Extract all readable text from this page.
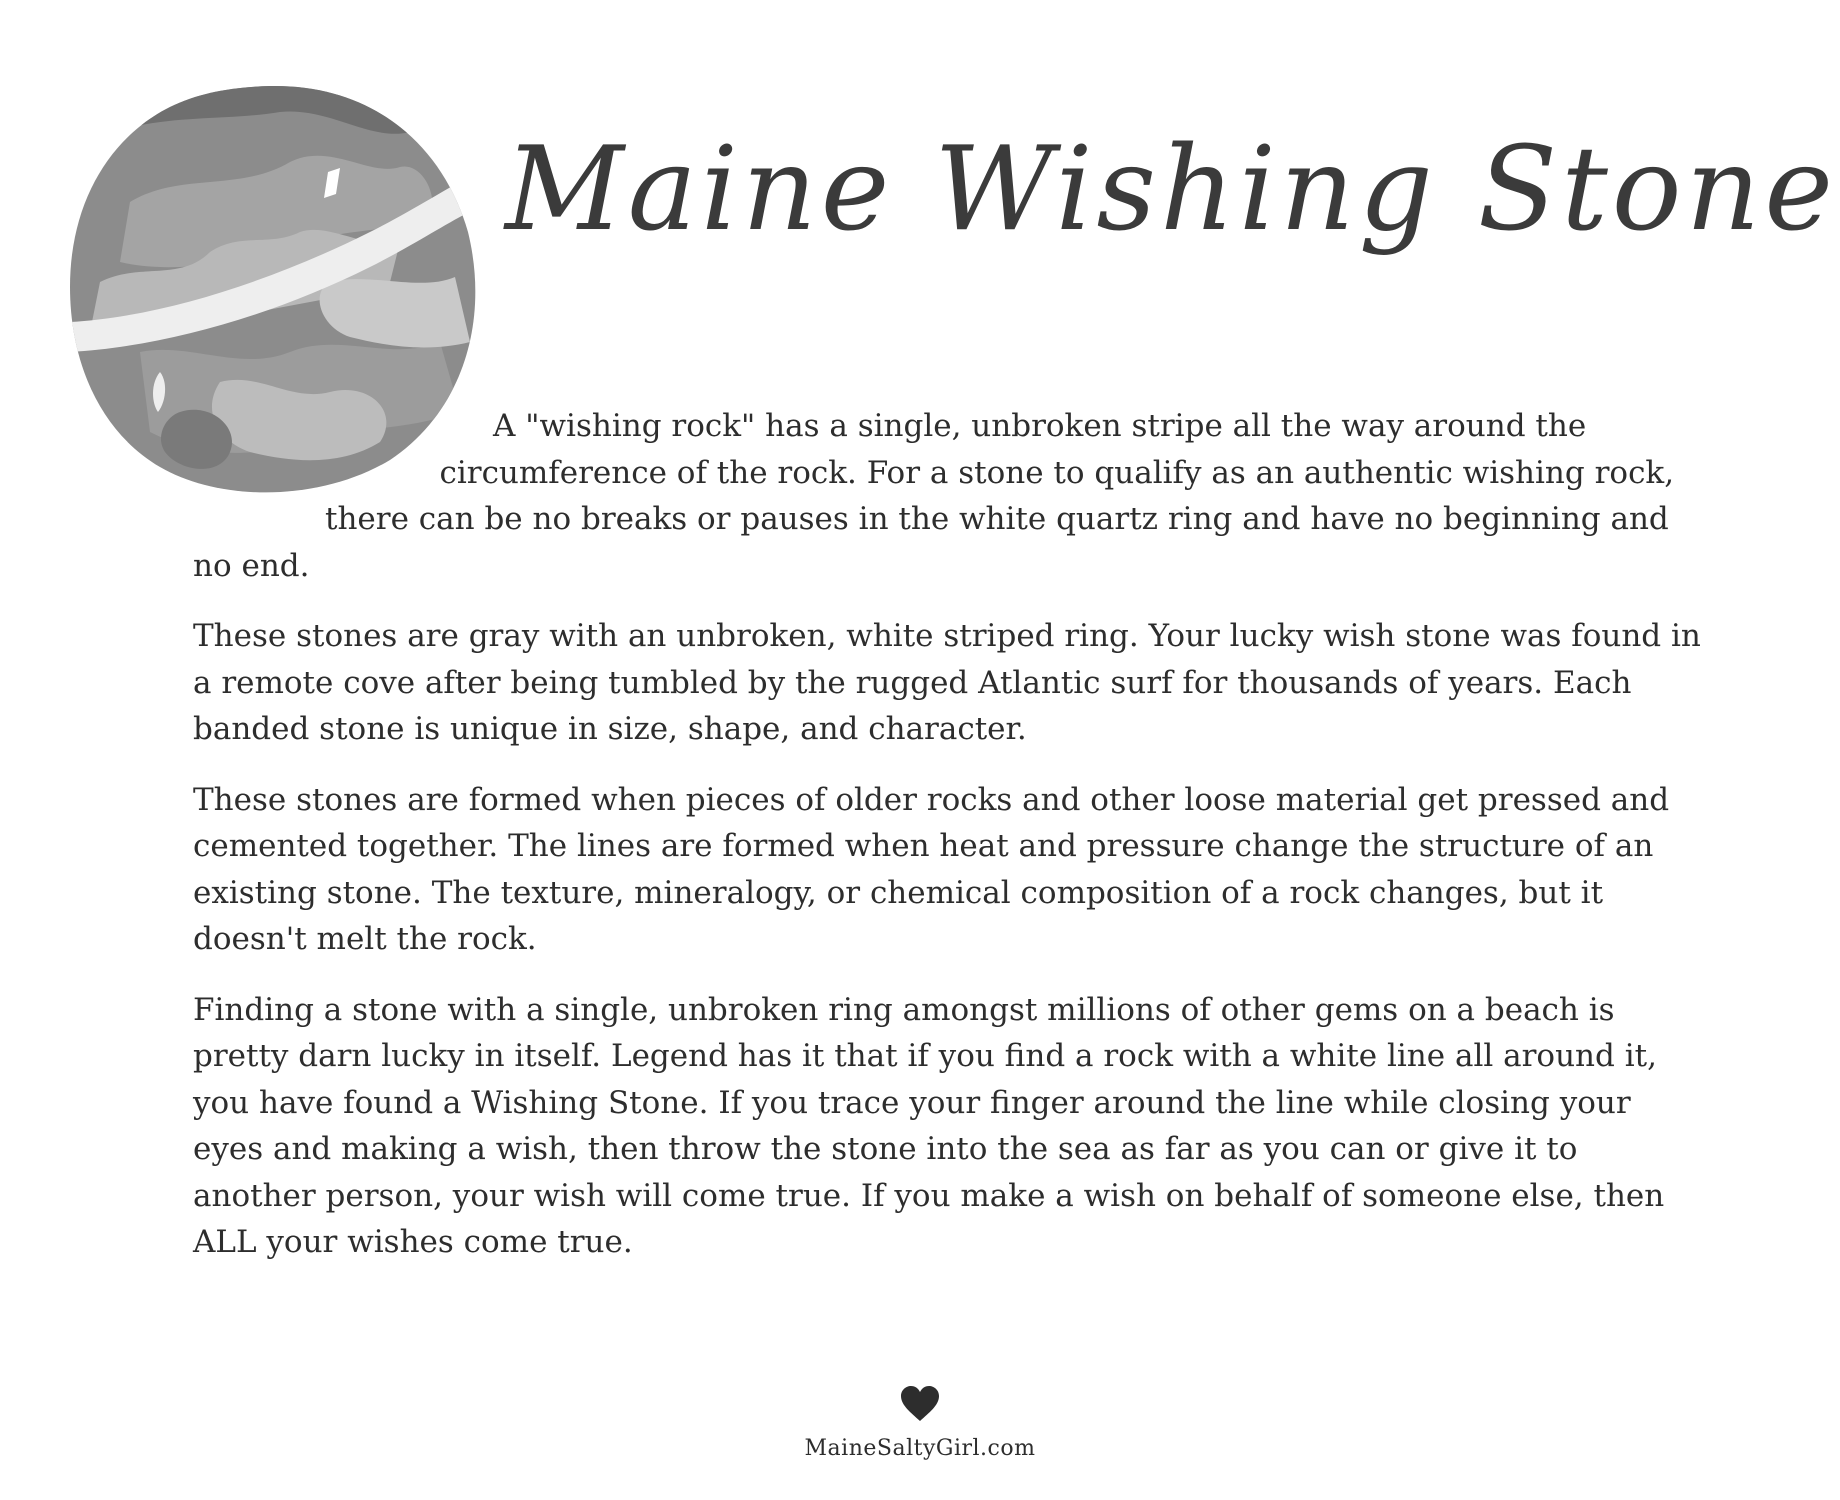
Maine Wishing Stone

A "wishing rock" has a single, unbroken stripe all the way around the circumference of the rock. For a stone to qualify as an authentic wishing rock, there can be no breaks or pauses in the white quartz ring and have no beginning and no end.

These stones are gray with an unbroken, white striped ring. Your lucky wish stone was found in a remote cove after being tumbled by the rugged Atlantic surf for thousands of years. Each banded stone is unique in size, shape, and character.

These stones are formed when pieces of older rocks and other loose material get pressed and cemented together. The lines are formed when heat and pressure change the structure of an existing stone. The texture, mineralogy, or chemical composition of a rock changes, but it doesn't melt the rock.

Finding a stone with a single, unbroken ring amongst millions of other gems on a beach is pretty darn lucky in itself. Legend has it that if you find a rock with a white line all around it, you have found a Wishing Stone. If you trace your finger around the line while closing your eyes and making a wish, then throw the stone into the sea as far as you can or give it to another person, your wish will come true. If you make a wish on behalf of someone else, then ALL your wishes come true.

MaineSaltyGirl.com
